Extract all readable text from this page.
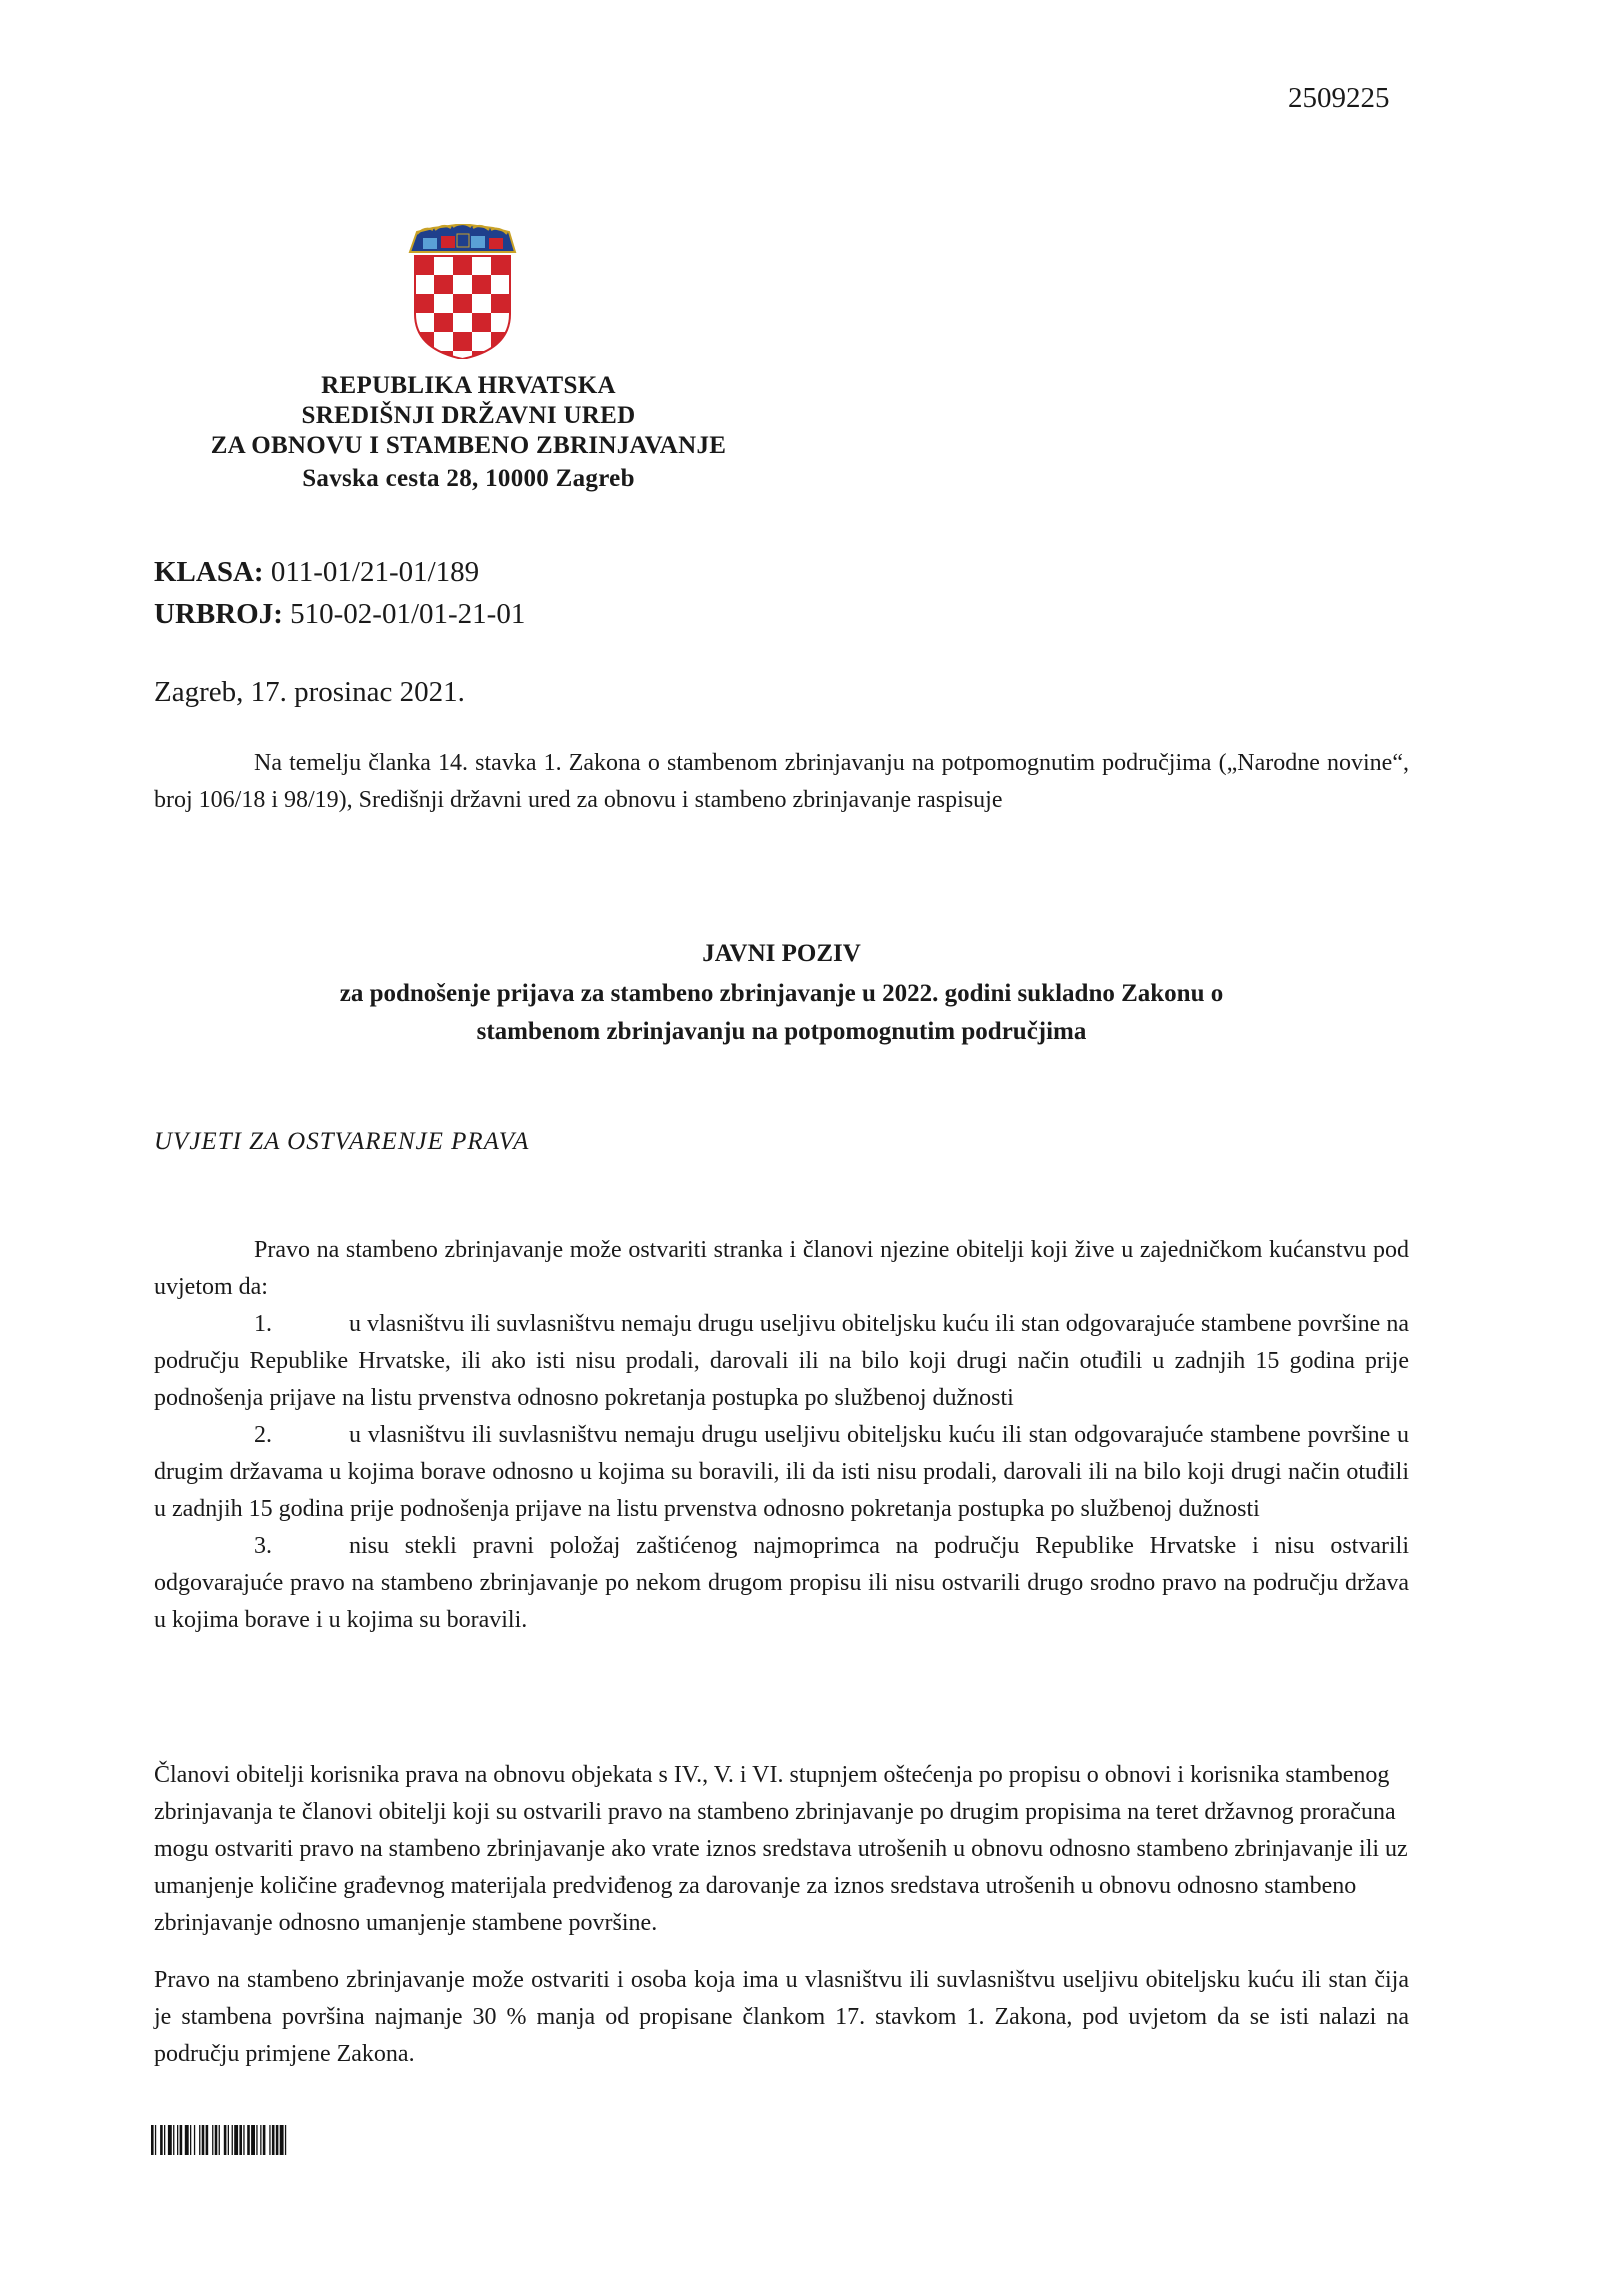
2509225
REPUBLIKA HRVATSKA
SREDIŠNJI DRŽAVNI URED
ZA OBNOVU I STAMBENO ZBRINJAVANJE
Savska cesta 28, 10000 Zagreb
KLASA: 011-01/21-01/189
URBROJ: 510-02-01/01-21-01
Zagreb, 17. prosinac 2021.
Na temelju članka 14. stavka 1. Zakona o stambenom zbrinjavanju na potpomognutim područjima („Narodne novine“, broj 106/18 i 98/19), Središnji državni ured za obnovu i stambeno zbrinjavanje raspisuje
JAVNI POZIV
za podnošenje prijava za stambeno zbrinjavanje u 2022. godini sukladno Zakonu o
stambenom zbrinjavanju na potpomognutim područjima
UVJETI ZA OSTVARENJE PRAVA
Pravo na stambeno zbrinjavanje može ostvariti stranka i članovi njezine obitelji koji žive u zajedničkom kućanstvu pod uvjetom da:
1.	u vlasništvu ili suvlasništvu nemaju drugu useljivu obiteljsku kuću ili stan odgovarajuće stambene površine na području Republike Hrvatske, ili ako isti nisu prodali, darovali ili na bilo koji drugi način otuđili u zadnjih 15 godina prije podnošenja prijave na listu prvenstva odnosno pokretanja postupka po službenoj dužnosti
2.	u vlasništvu ili suvlasništvu nemaju drugu useljivu obiteljsku kuću ili stan odgovarajuće stambene površine u drugim državama u kojima borave odnosno u kojima su boravili, ili da isti nisu prodali, darovali ili na bilo koji drugi način otuđili u zadnjih 15 godina prije podnošenja prijave na listu prvenstva odnosno pokretanja postupka po službenoj dužnosti
3.	nisu stekli pravni položaj zaštićenog najmoprimca na području Republike Hrvatske i nisu ostvarili odgovarajuće pravo na stambeno zbrinjavanje po nekom drugom propisu ili nisu ostvarili drugo srodno pravo na području država u kojima borave i u kojima su boravili.
Članovi obitelji korisnika prava na obnovu objekata s IV., V. i VI. stupnjem oštećenja po propisu o obnovi i korisnika stambenog zbrinjavanja te članovi obitelji koji su ostvarili pravo na stambeno zbrinjavanje po drugim propisima na teret državnog proračuna mogu ostvariti pravo na stambeno zbrinjavanje ako vrate iznos sredstava utrošenih u obnovu odnosno stambeno zbrinjavanje ili uz umanjenje količine građevnog materijala predviđenog za darovanje za iznos sredstava utrošenih u obnovu odnosno stambeno zbrinjavanje odnosno umanjenje stambene površine.
Pravo na stambeno zbrinjavanje može ostvariti i osoba koja ima u vlasništvu ili suvlasništvu useljivu obiteljsku kuću ili stan čija je stambena površina najmanje 30 % manja od propisane člankom 17. stavkom 1. Zakona, pod uvjetom da se isti nalazi na području primjene Zakona.
